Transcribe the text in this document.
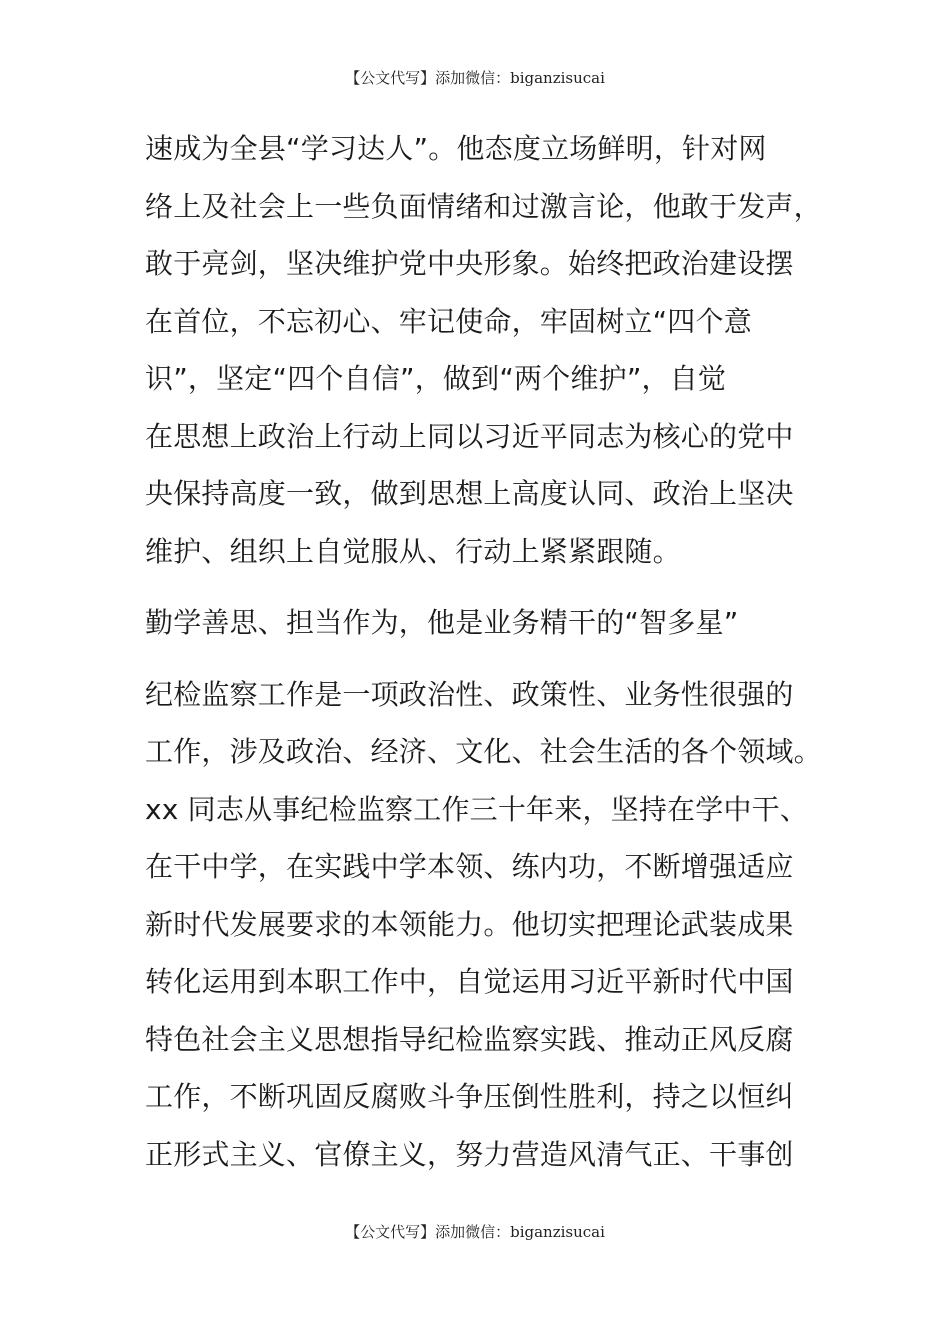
【公文代写】添加微信：biganzisucai
速成为全县“学习达人”。他态度立场鲜明，针对网
络上及社会上一些负面情绪和过激言论，他敢于发声，
敢于亮剑，坚决维护党中央形象。始终把政治建设摆
在首位，不忘初心、牢记使命，牢固树立“四个意
识”，坚定“四个自信”，做到“两个维护”，自觉
在思想上政治上行动上同以习近平同志为核心的党中
央保持高度一致，做到思想上高度认同、政治上坚决
维护、组织上自觉服从、行动上紧紧跟随。
勤学善思、担当作为，他是业务精干的“智多星”
纪检监察工作是一项政治性、政策性、业务性很强的
工作，涉及政治、经济、文化、社会生活的各个领域。
xx 同志从事纪检监察工作三十年来，坚持在学中干、
在干中学，在实践中学本领、练内功，不断增强适应
新时代发展要求的本领能力。他切实把理论武装成果
转化运用到本职工作中，自觉运用习近平新时代中国
特色社会主义思想指导纪检监察实践、推动正风反腐
工作，不断巩固反腐败斗争压倒性胜利，持之以恒纠
正形式主义、官僚主义，努力营造风清气正、干事创
【公文代写】添加微信：biganzisucai
